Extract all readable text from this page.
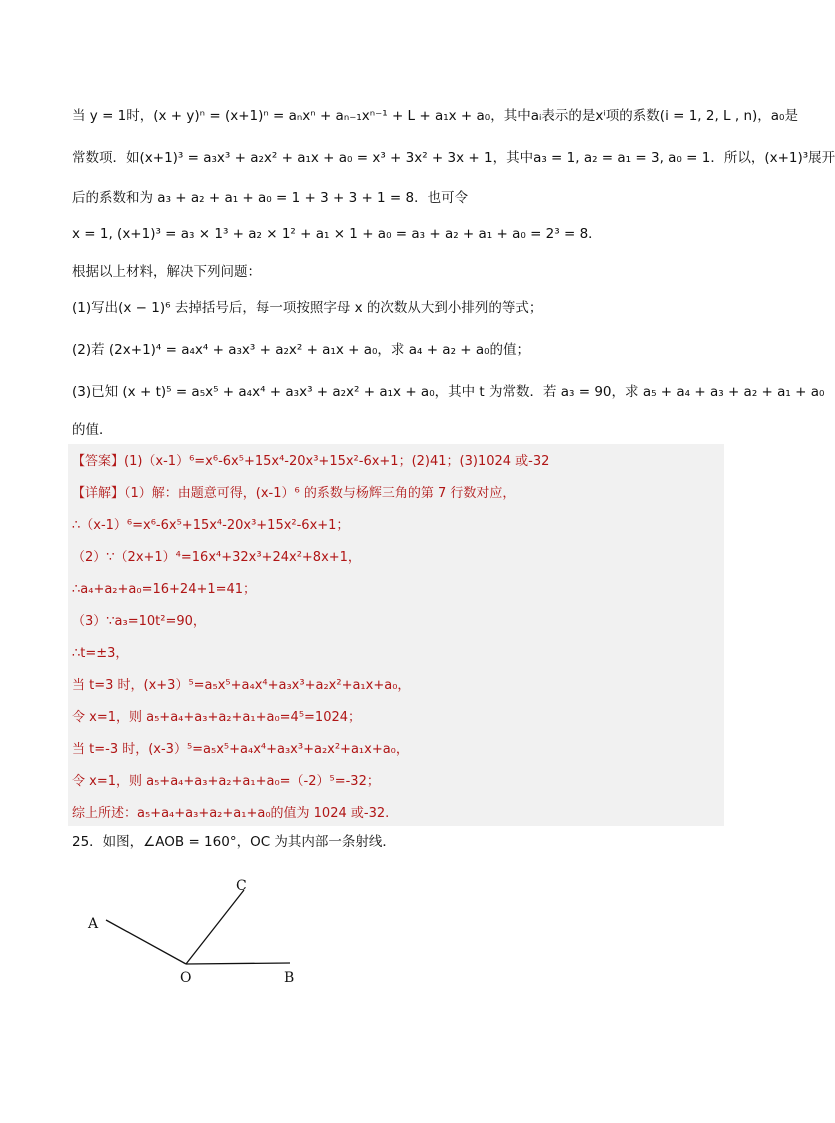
当 y = 1时，(x + y)ⁿ = (x+1)ⁿ = aₙxⁿ + aₙ₋₁xⁿ⁻¹ + L + a₁x + a₀，其中aᵢ表示的是xⁱ项的系数(i = 1, 2, L , n)，a₀是
常数项．如(x+1)³ = a₃x³ + a₂x² + a₁x + a₀ = x³ + 3x² + 3x + 1，其中a₃ = 1, a₂ = a₁ = 3, a₀ = 1．所以，(x+1)³展开
后的系数和为 a₃ + a₂ + a₁ + a₀ = 1 + 3 + 3 + 1 = 8．也可令
x = 1, (x+1)³ = a₃ × 1³ + a₂ × 1² + a₁ × 1 + a₀ = a₃ + a₂ + a₁ + a₀ = 2³ = 8．
根据以上材料，解决下列问题：
(1)写出(x − 1)⁶ 去掉括号后，每一项按照字母 x 的次数从大到小排列的等式；
(2)若 (2x+1)⁴ = a₄x⁴ + a₃x³ + a₂x² + a₁x + a₀，求 a₄ + a₂ + a₀的值；
(3)已知 (x + t)⁵ = a₅x⁵ + a₄x⁴ + a₃x³ + a₂x² + a₁x + a₀，其中 t 为常数．若 a₃ = 90，求 a₅ + a₄ + a₃ + a₂ + a₁ + a₀
的值．
【答案】(1)（x-1）⁶=x⁶-6x⁵+15x⁴-20x³+15x²-6x+1；(2)41；(3)1024 或-32
【详解】（1）解：由题意可得，(x-1）⁶ 的系数与杨辉三角的第 7 行数对应，
∴（x-1）⁶=x⁶-6x⁵+15x⁴-20x³+15x²-6x+1；
（2）∵（2x+1）⁴=16x⁴+32x³+24x²+8x+1，
∴a₄+a₂+a₀=16+24+1=41；
（3）∵a₃=10t²=90，
∴t=±3，
当 t=3 时，(x+3）⁵=a₅x⁵+a₄x⁴+a₃x³+a₂x²+a₁x+a₀，
令 x=1，则 a₅+a₄+a₃+a₂+a₁+a₀=4⁵=1024；
当 t=-3 时，(x-3）⁵=a₅x⁵+a₄x⁴+a₃x³+a₂x²+a₁x+a₀，
令 x=1，则 a₅+a₄+a₃+a₂+a₁+a₀=（-2）⁵=-32；
综上所述：a₅+a₄+a₃+a₂+a₁+a₀的值为 1024 或-32.
25．如图，∠AOB = 160°，OC 为其内部一条射线．
A
C
O	B
